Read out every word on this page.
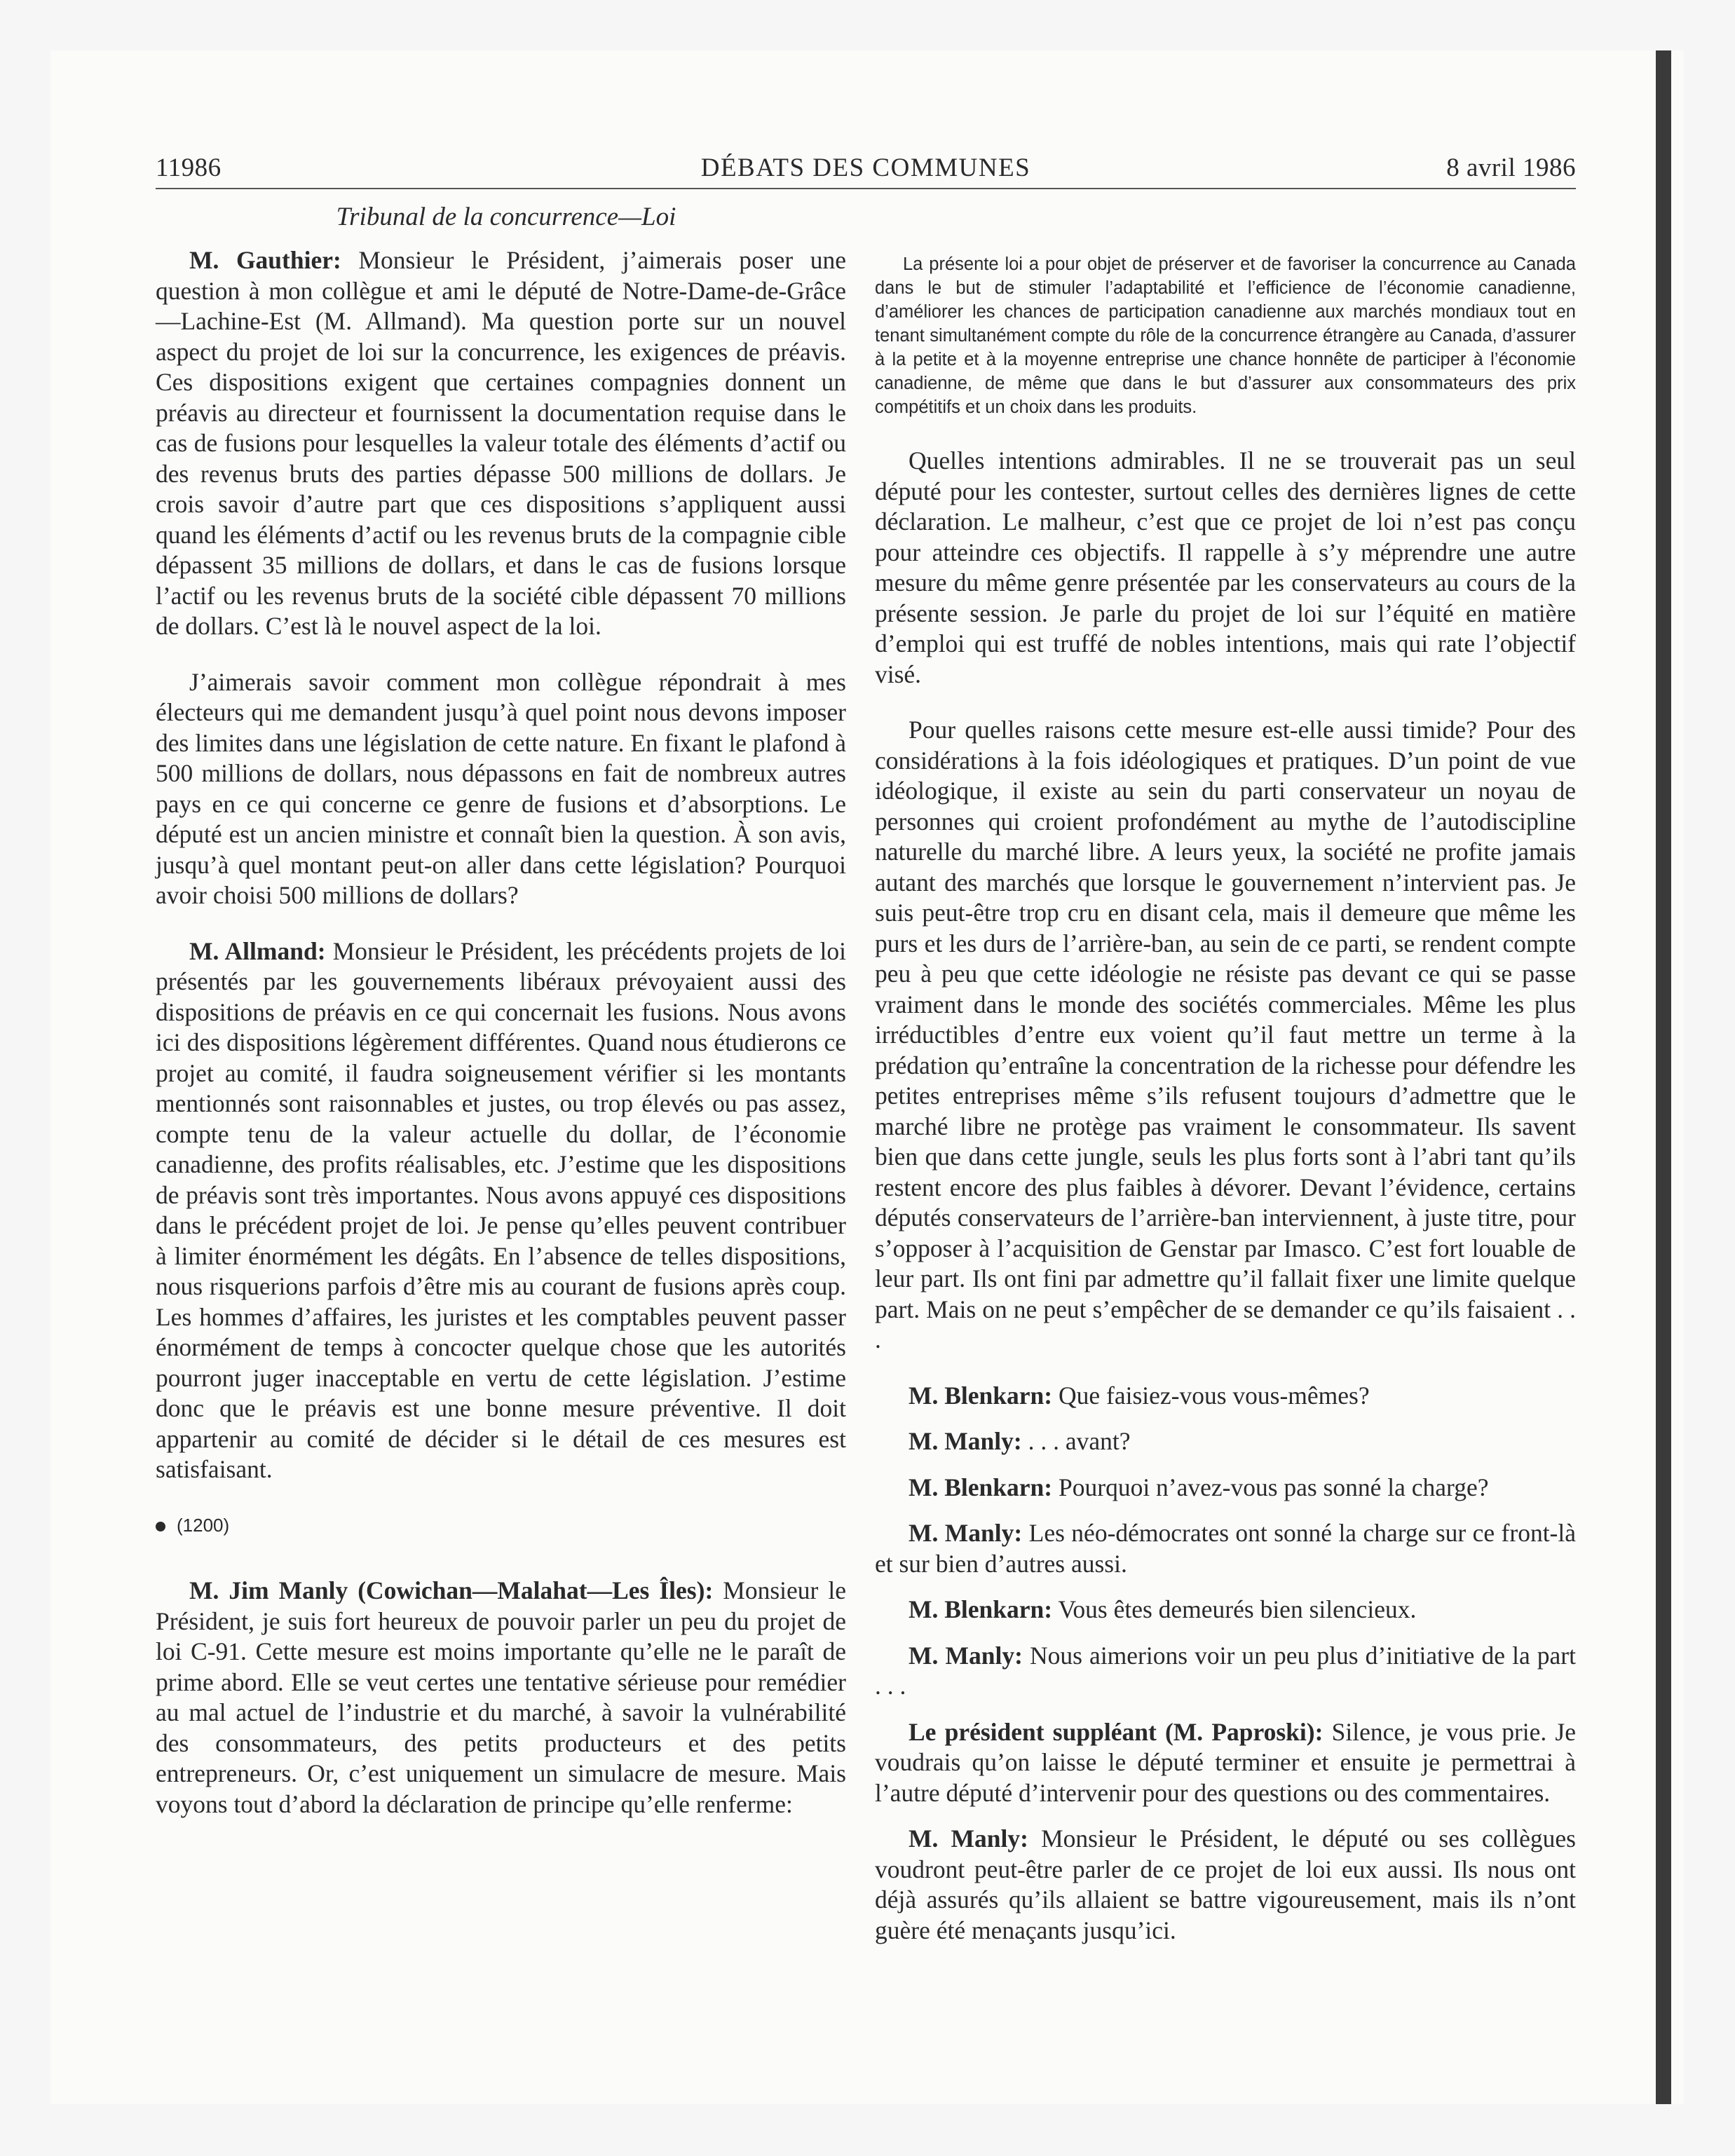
11986	DÉBATS DES COMMUNES	8 avril 1986
Tribunal de la concurrence—Loi

M. Gauthier: Monsieur le Président, j’aimerais poser une question à mon collègue et ami le député de Notre-Dame-de-Grâce—Lachine-Est (M. Allmand). Ma question porte sur un nouvel aspect du projet de loi sur la concurrence, les exigences de préavis. Ces dispositions exigent que certaines compagnies donnent un préavis au directeur et fournissent la documentation requise dans le cas de fusions pour lesquelles la valeur totale des éléments d’actif ou des revenus bruts des parties dépasse 500 millions de dollars. Je crois savoir d’autre part que ces dispositions s’appliquent aussi quand les éléments d’actif ou les revenus bruts de la compagnie cible dépassent 35 millions de dollars, et dans le cas de fusions lorsque l’actif ou les revenus bruts de la société cible dépassent 70 millions de dollars. C’est là le nouvel aspect de la loi.

J’aimerais savoir comment mon collègue répondrait à mes électeurs qui me demandent jusqu’à quel point nous devons imposer des limites dans une législation de cette nature. En fixant le plafond à 500 millions de dollars, nous dépassons en fait de nombreux autres pays en ce qui concerne ce genre de fusions et d’absorptions. Le député est un ancien ministre et connaît bien la question. À son avis, jusqu’à quel montant peut-on aller dans cette législation? Pourquoi avoir choisi 500 millions de dollars?

M. Allmand: Monsieur le Président, les précédents projets de loi présentés par les gouvernements libéraux prévoyaient aussi des dispositions de préavis en ce qui concernait les fusions. Nous avons ici des dispositions légèrement différentes. Quand nous étudierons ce projet au comité, il faudra soigneusement vérifier si les montants mentionnés sont raisonnables et justes, ou trop élevés ou pas assez, compte tenu de la valeur actuelle du dollar, de l’économie canadienne, des profits réalisables, etc. J’estime que les dispositions de préavis sont très importantes. Nous avons appuyé ces dispositions dans le précédent projet de loi. Je pense qu’elles peuvent contribuer à limiter énormément les dégâts. En l’absence de telles dispositions, nous risquerions parfois d’être mis au courant de fusions après coup. Les hommes d’affaires, les juristes et les comptables peuvent passer énormément de temps à concocter quelque chose que les autorités pourront juger inacceptable en vertu de cette législation. J’estime donc que le préavis est une bonne mesure préventive. Il doit appartenir au comité de décider si le détail de ces mesures est satisfaisant.

(1200)

M. Jim Manly (Cowichan—Malahat—Les Îles): Monsieur le Président, je suis fort heureux de pouvoir parler un peu du projet de loi C-91. Cette mesure est moins importante qu’elle ne le paraît de prime abord. Elle se veut certes une tentative sérieuse pour remédier au mal actuel de l’industrie et du marché, à savoir la vulnérabilité des consommateurs, des petits producteurs et des petits entrepreneurs. Or, c’est uniquement un simulacre de mesure. Mais voyons tout d’abord la déclaration de principe qu’elle renferme:

La présente loi a pour objet de préserver et de favoriser la concurrence au Canada dans le but de stimuler l’adaptabilité et l’efficience de l’économie canadienne, d’améliorer les chances de participation canadienne aux marchés mondiaux tout en tenant simultanément compte du rôle de la concurrence étrangère au Canada, d’assurer à la petite et à la moyenne entreprise une chance honnête de participer à l’économie canadienne, de même que dans le but d’assurer aux consommateurs des prix compétitifs et un choix dans les produits.

Quelles intentions admirables. Il ne se trouverait pas un seul député pour les contester, surtout celles des dernières lignes de cette déclaration. Le malheur, c’est que ce projet de loi n’est pas conçu pour atteindre ces objectifs. Il rappelle à s’y méprendre une autre mesure du même genre présentée par les conservateurs au cours de la présente session. Je parle du projet de loi sur l’équité en matière d’emploi qui est truffé de nobles intentions, mais qui rate l’objectif visé.

Pour quelles raisons cette mesure est-elle aussi timide? Pour des considérations à la fois idéologiques et pratiques. D’un point de vue idéologique, il existe au sein du parti conservateur un noyau de personnes qui croient profondément au mythe de l’autodiscipline naturelle du marché libre. A leurs yeux, la société ne profite jamais autant des marchés que lorsque le gouvernement n’intervient pas. Je suis peut-être trop cru en disant cela, mais il demeure que même les purs et les durs de l’arrière-ban, au sein de ce parti, se rendent compte peu à peu que cette idéologie ne résiste pas devant ce qui se passe vraiment dans le monde des sociétés commerciales. Même les plus irréductibles d’entre eux voient qu’il faut mettre un terme à la prédation qu’entraîne la concentration de la richesse pour défendre les petites entreprises même s’ils refusent toujours d’admettre que le marché libre ne protège pas vraiment le consommateur. Ils savent bien que dans cette jungle, seuls les plus forts sont à l’abri tant qu’ils restent encore des plus faibles à dévorer. Devant l’évidence, certains députés conservateurs de l’arrière-ban interviennent, à juste titre, pour s’opposer à l’acquisition de Genstar par Imasco. C’est fort louable de leur part. Ils ont fini par admettre qu’il fallait fixer une limite quelque part. Mais on ne peut s’empêcher de se demander ce qu’ils faisaient . . .

M. Blenkarn: Que faisiez-vous vous-mêmes?

M. Manly: . . . avant?

M. Blenkarn: Pourquoi n’avez-vous pas sonné la charge?

M. Manly: Les néo-démocrates ont sonné la charge sur ce front-là et sur bien d’autres aussi.

M. Blenkarn: Vous êtes demeurés bien silencieux.

M. Manly: Nous aimerions voir un peu plus d’initiative de la part . . .

Le président suppléant (M. Paproski): Silence, je vous prie. Je voudrais qu’on laisse le député terminer et ensuite je permettrai à l’autre député d’intervenir pour des questions ou des commentaires.

M. Manly: Monsieur le Président, le député ou ses collègues voudront peut-être parler de ce projet de loi eux aussi. Ils nous ont déjà assurés qu’ils allaient se battre vigoureusement, mais ils n’ont guère été menaçants jusqu’ici.
